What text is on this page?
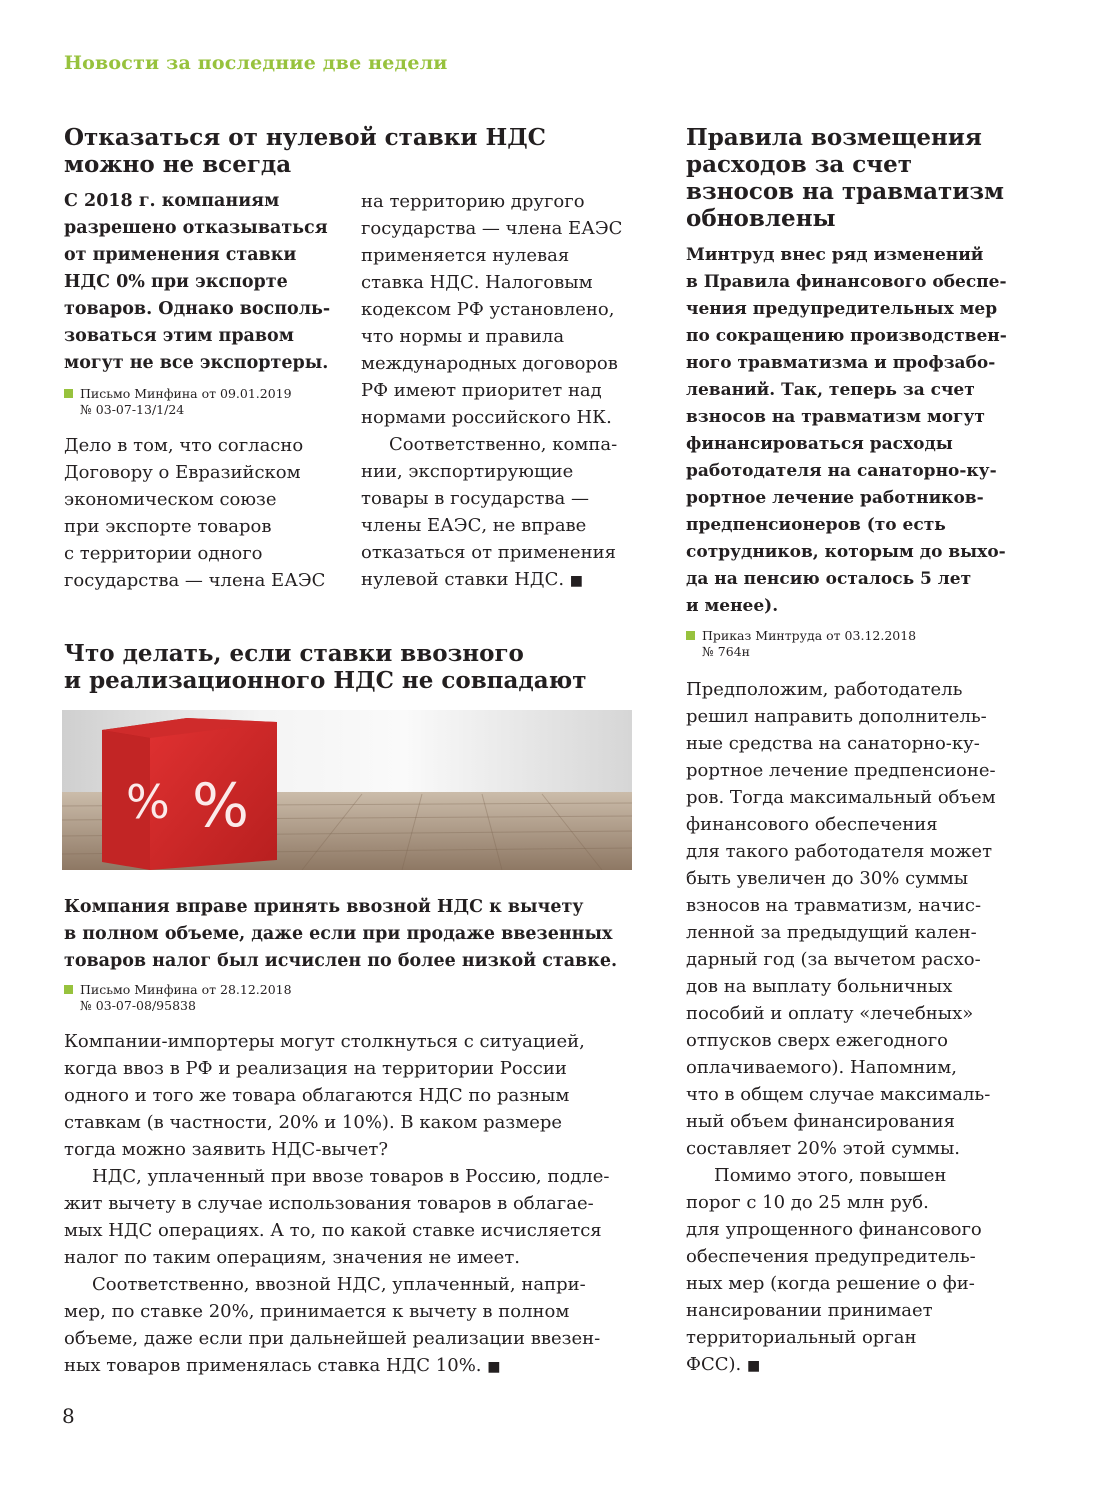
Новости за последние две недели
Отказаться от нулевой ставки НДС
можно не всегда
С 2018 г. компаниям
разрешено отказываться
от применения ставки
НДС 0% при экспорте
товаров. Однако восполь-
зоваться этим правом
могут не все экспортеры.
Письмо Минфина от 09.01.2019
№ 03-07-13/1/24
Дело в том, что согласно
Договору о Евразийском
экономическом союзе
при экспорте товаров
с территории одного
государства — члена ЕАЭС
на территорию другого
государства — члена ЕАЭС
применяется нулевая
ставка НДС. Налоговым
кодексом РФ установлено,
что нормы и правила
международных договоров
РФ имеют приоритет над
нормами российского НК.
Соответственно, компа-
нии, экспортирующие
товары в государства —
члены ЕАЭС, не вправе
отказаться от применения
нулевой ставки НДС. ■
Что делать, если ставки ввозного
и реализационного НДС не совпадают
% %
Компания вправе принять ввозной НДС к вычету
в полном объеме, даже если при продаже ввезенных
товаров налог был исчислен по более низкой ставке.
Письмо Минфина от 28.12.2018
№ 03-07-08/95838
Компании-импортеры могут столкнуться с ситуацией,
когда ввоз в РФ и реализация на территории России
одного и того же товара облагаются НДС по разным
ставкам (в частности, 20% и 10%). В каком размере
тогда можно заявить НДС-вычет?
НДС, уплаченный при ввозе товаров в Россию, подле-
жит вычету в случае использования товаров в облагае-
мых НДС операциях. А то, по какой ставке исчисляется
налог по таким операциям, значения не имеет.
Соответственно, ввозной НДС, уплаченный, напри-
мер, по ставке 20%, принимается к вычету в полном
объеме, даже если при дальнейшей реализации ввезен-
ных товаров применялась ставка НДС 10%. ■
Правила возмещения
расходов за счет
взносов на травматизм
обновлены
Минтруд внес ряд изменений
в Правила финансового обеспе-
чения предупредительных мер
по сокращению производствен-
ного травматизма и профзабо-
леваний. Так, теперь за счет
взносов на травматизм могут
финансироваться расходы
работодателя на санаторно-ку-
рортное лечение работников-
предпенсионеров (то есть
сотрудников, которым до выхо-
да на пенсию осталось 5 лет
и менее).
Приказ Минтруда от 03.12.2018
№ 764н
Предположим, работодатель
решил направить дополнитель-
ные средства на санаторно-ку-
рортное лечение предпенсионе-
ров. Тогда максимальный объем
финансового обеспечения
для такого работодателя может
быть увеличен до 30% суммы
взносов на травматизм, начис-
ленной за предыдущий кален-
дарный год (за вычетом расхо-
дов на выплату больничных
пособий и оплату «лечебных»
отпусков сверх ежегодного
оплачиваемого). Напомним,
что в общем случае максималь-
ный объем финансирования
составляет 20% этой суммы.
Помимо этого, повышен
порог с 10 до 25 млн руб.
для упрощенного финансового
обеспечения предупредитель-
ных мер (когда решение о фи-
нансировании принимает
территориальный орган
ФСС). ■
8
